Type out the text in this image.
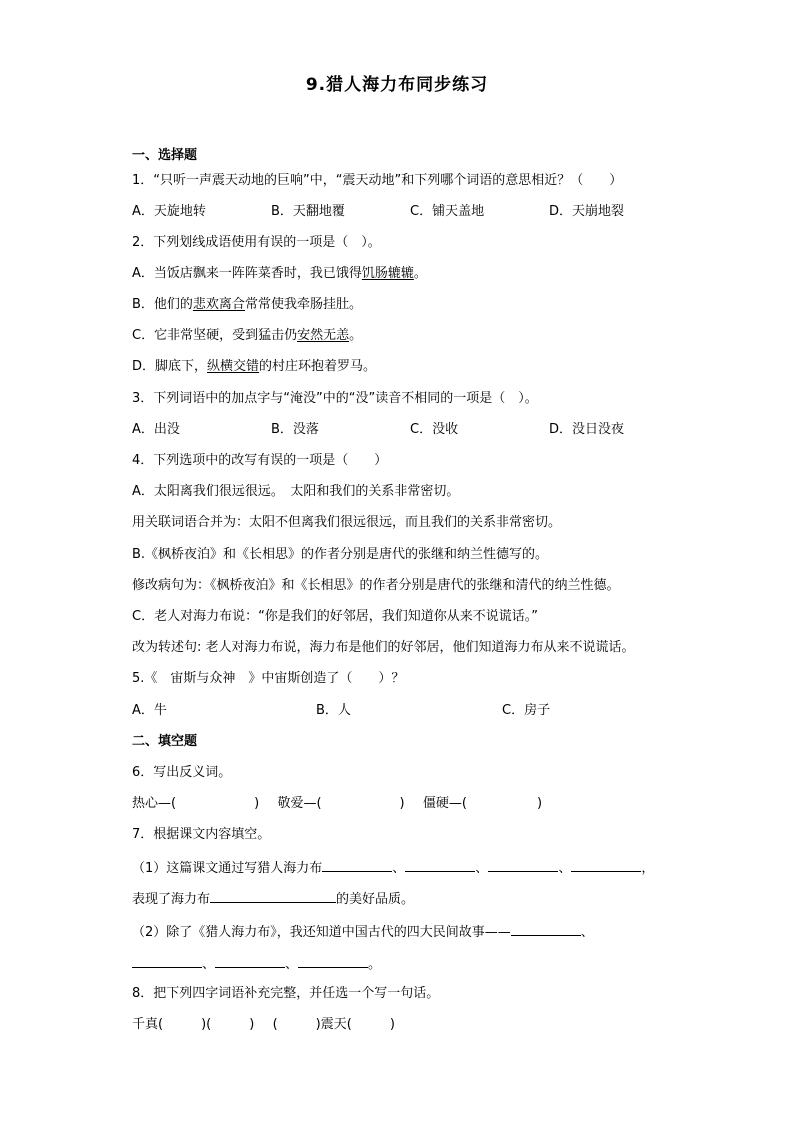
9.猎人海力布同步练习
一、选择题
1．“只听一声震天动地的巨响”中，“震天动地”和下列哪个词语的意思相近？（　　）
A．天旋地转	B．天翻地覆	C．铺天盖地	D．天崩地裂
2．下列划线成语使用有误的一项是（　）。
A．当饭店飘来一阵阵菜香时，我已饿得饥肠辘辘。
B．他们的悲欢离合常常使我牵肠挂肚。
C．它非常坚硬，受到猛击仍安然无恙。
D．脚底下，纵横交错的村庄环抱着罗马。
3．下列词语中的加点字与“淹没”中的“没”读音不相同的一项是（　）。
A．出没	B．没落	C．没收	D．没日没夜
4．下列选项中的改写有误的一项是（　　）
A．太阳离我们很远很远。　太阳和我们的关系非常密切。
用关联词语合并为：太阳不但离我们很远很远，而且我们的关系非常密切。
B.《枫桥夜泊》和《长相思》的作者分别是唐代的张继和纳兰性德写的。
修改病句为：《枫桥夜泊》和《长相思》的作者分别是唐代的张继和清代的纳兰性德。
C．老人对海力布说：“你是我们的好邻居，我们知道你从来不说谎话。”
改为转述句: 老人对海力布说，海力布是他们的好邻居，他们知道海力布从来不说谎话。
5.《　宙斯与众神　》中宙斯创造了（　　）？
A．牛	B．人	C．房子
二、填空题
6．写出反义词。
热心—(	) 敬爱—(	) 僵硬—(	)
7．根据课文内容填空。
（1）这篇课文通过写猎人海力布	、	、	、	，
表现了海力布	的美好品质。
（2）除了《猎人海力布》，我还知道中国古代的四大民间故事——	、
、	、	。
8．把下列四字词语补充完整，并任选一个写一句话。
千真(	)(	) (	)震天(	)
